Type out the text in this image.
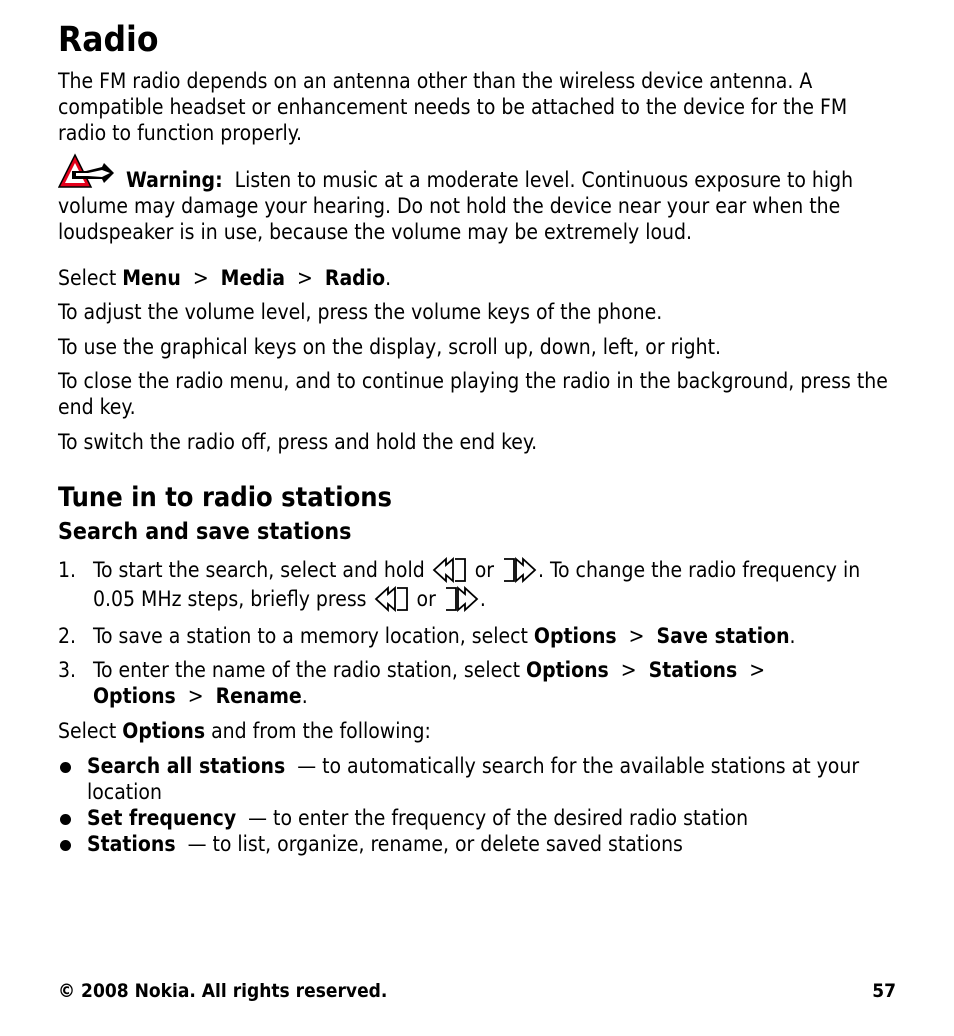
Radio

The FM radio depends on an antenna other than the wireless device antenna. A compatible headset or enhancement needs to be attached to the device for the FM radio to function properly.

Warning: Listen to music at a moderate level. Continuous exposure to high volume may damage your hearing. Do not hold the device near your ear when the loudspeaker is in use, because the volume may be extremely loud.

Select Menu > Media > Radio.

To adjust the volume level, press the volume keys of the phone.

To use the graphical keys on the display, scroll up, down, left, or right.

To close the radio menu, and to continue playing the radio in the background, press the end key.

To switch the radio off, press and hold the end key.

Tune in to radio stations
Search and save stations
1. To start the search, select and hold or . To change the radio frequency in 0.05 MHz steps, briefly press or .
2. To save a station to a memory location, select Options > Save station.
3. To enter the name of the radio station, select Options > Stations >
Options > Rename.

Select Options and from the following:

Search all stations — to automatically search for the available stations at your location
Set frequency — to enter the frequency of the desired radio station
Stations — to list, organize, rename, or delete saved stations
© 2008 Nokia. All rights reserved.	57
